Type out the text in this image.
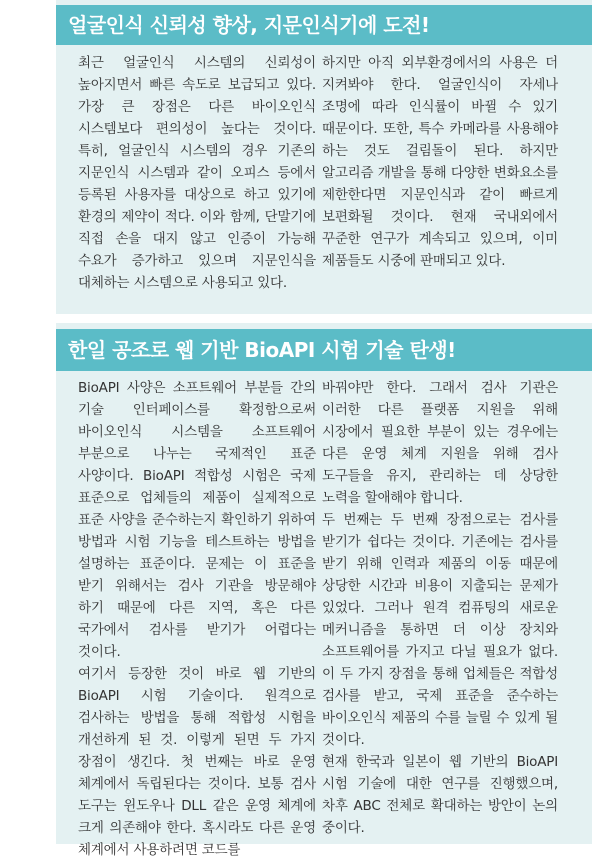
얼굴인식 신뢰성 향상, 지문인식기에 도전!

최근 얼굴인식 시스템의 신뢰성이 높아지면서 빠른 속도로 보급되고 있다. 가장 큰 장점은 다른 바이오인식 시스템보다 편의성이 높다는 것이다. 특히, 얼굴인식 시스템의 경우 기존의 지문인식 시스템과 같이 오피스 등에서 등록된 사용자를 대상으로 하고 있기에 환경의 제약이 적다. 이와 함께, 단말기에 직접 손을 대지 않고 인증이 가능해 수요가 증가하고 있으며 지문인식을 대체하는 시스템으로 사용되고 있다.

하지만 아직 외부환경에서의 사용은 더 지켜봐야 한다. 얼굴인식이 자세나 조명에 따라 인식률이 바뀔 수 있기 때문이다. 또한, 특수 카메라를 사용해야 하는 것도 걸림돌이 된다. 하지만 알고리즘 개발을 통해 다양한 변화요소를 제한한다면 지문인식과 같이 빠르게 보편화될 것이다. 현재 국내외에서 꾸준한 연구가 계속되고 있으며, 이미 제품들도 시중에 판매되고 있다.

한일 공조로 웹 기반 BioAPI 시험 기술 탄생!

BioAPI 사양은 소프트웨어 부분들 간의 기술 인터페이스를 확정함으로써 바이오인식 시스템을 소프트웨어 부분으로 나누는 국제적인 표준 사양이다. BioAPI 적합성 시험은 국제 표준으로 업체들의 제품이 실제적으로 표준 사양을 준수하는지 확인하기 위하여 방법과 시험 기능을 테스트하는 방법을 설명하는 표준이다. 문제는 이 표준을 받기 위해서는 검사 기관을 방문해야 하기 때문에 다른 지역, 혹은 다른 국가에서 검사를 받기가 어렵다는 것이다.

여기서 등장한 것이 바로 웹 기반의 BioAPI 시험 기술이다. 원격으로 검사하는 방법을 통해 적합성 시험을 개선하게 된 것. 이렇게 된면 두 가지 장점이 생긴다. 첫 번째는 바로 운영 체계에서 독립된다는 것이다. 보통 검사 도구는 윈도우나 DLL 같은 운영 체계에 크게 의존해야 한다. 혹시라도 다른 운영 체계에서 사용하려면 코드를

바꿔야만 한다. 그래서 검사 기관은 이러한 다른 플랫폼 지원을 위해 시장에서 필요한 부분이 있는 경우에는 다른 운영 체계 지원을 위해 검사 도구들을 유지, 관리하는 데 상당한 노력을 할애해야 합니다.

두 번째는 두 번째 장점으로는 검사를 받기가 쉽다는 것이다. 기존에는 검사를 받기 위해 인력과 제품의 이동 때문에 상당한 시간과 비용이 지출되는 문제가 있었다. 그러나 원격 컴퓨팅의 새로운 메커니즘을 통하면 더 이상 장치와 소프트웨어를 가지고 다닐 필요가 없다. 이 두 가지 장점을 통해 업체들은 적합성 검사를 받고, 국제 표준을 준수하는 바이오인식 제품의 수를 늘릴 수 있게 될 것이다.

현재 한국과 일본이 웹 기반의 BioAPI 시험 기술에 대한 연구를 진행했으며, 차후 ABC 전체로 확대하는 방안이 논의 중이다.
